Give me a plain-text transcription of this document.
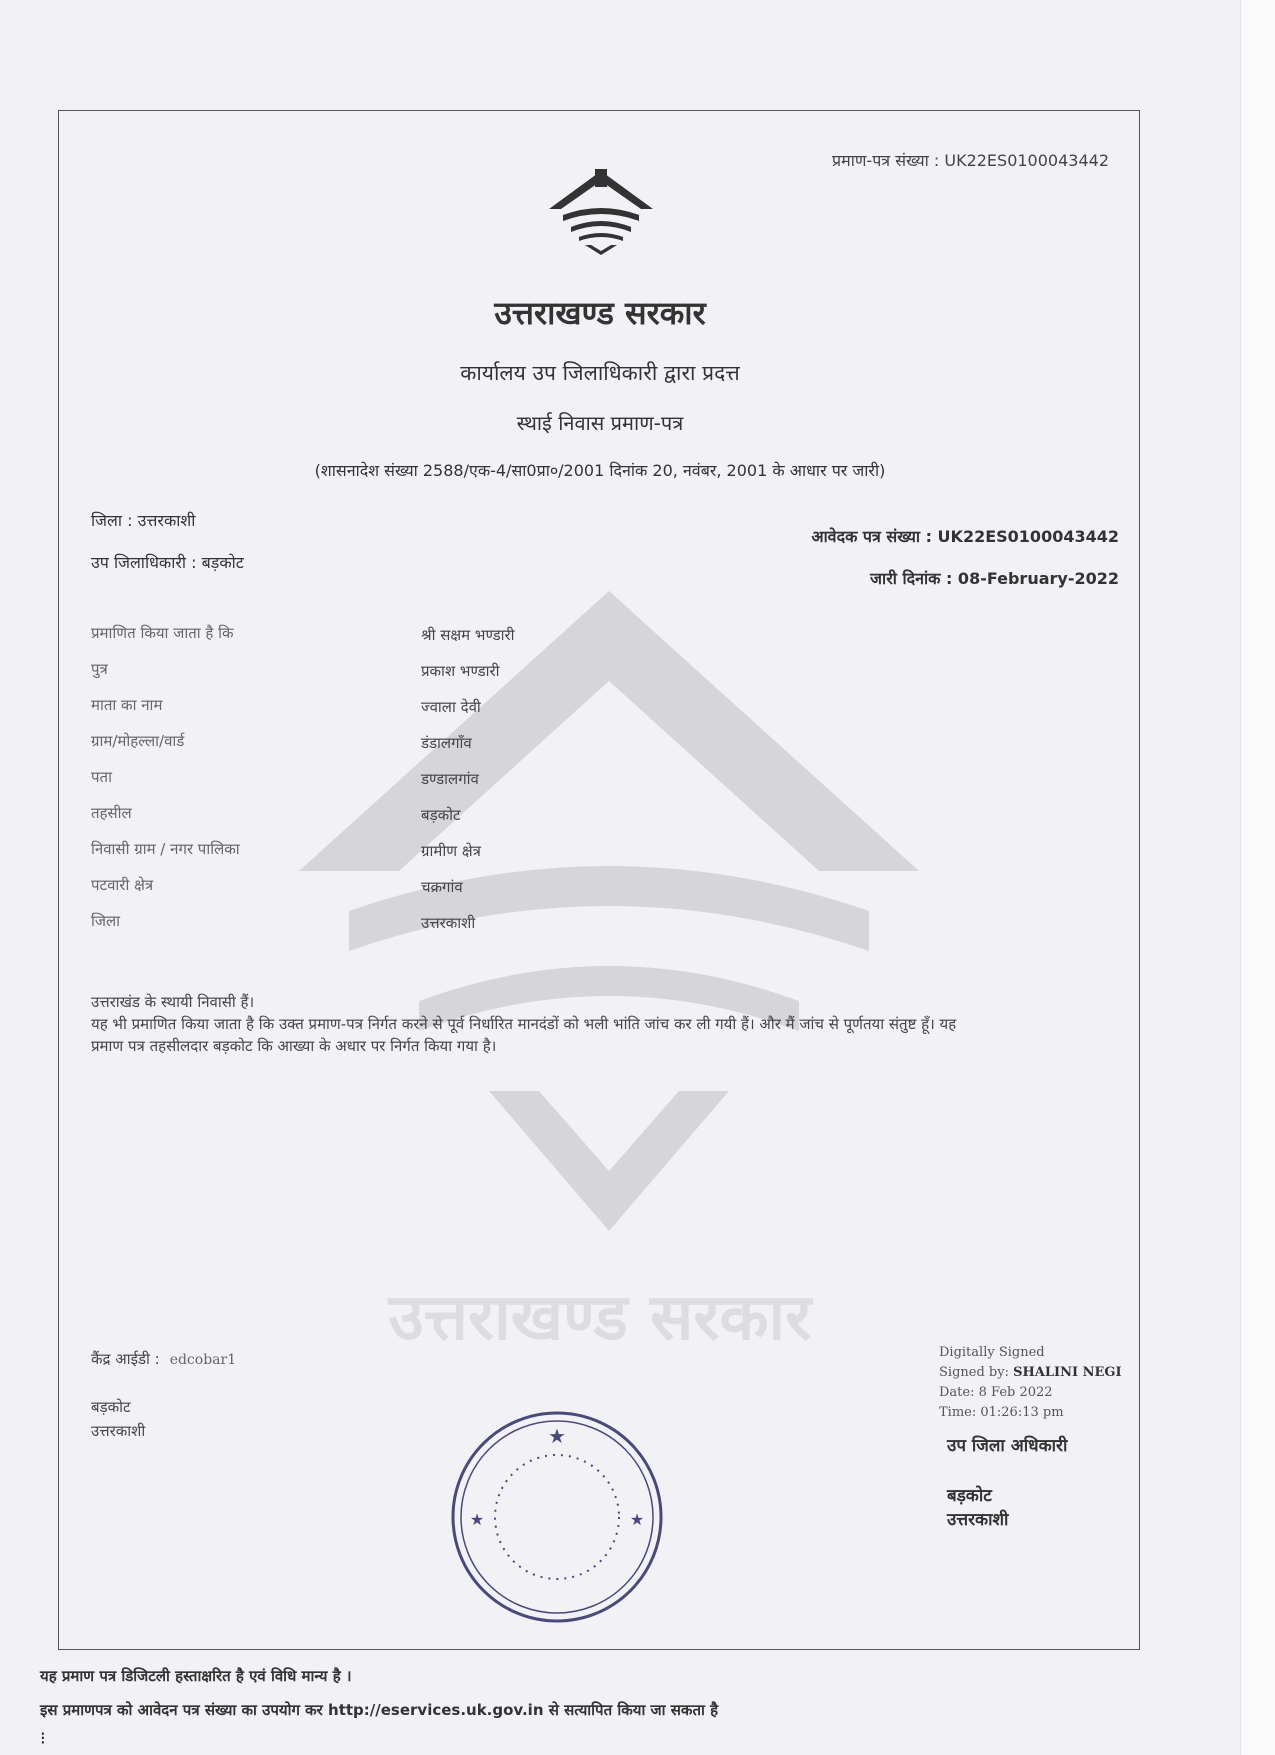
उत्तराखण्ड सरकार
प्रमाण-पत्र संख्या : UK22ES0100043442
उत्तराखण्ड सरकार
कार्यालय उप जिलाधिकारी द्वारा प्रदत्त
स्थाई निवास प्रमाण-पत्र
(शासनादेश संख्या 2588/एक-4/सा0प्रा०/2001 दिनांक 20, नवंबर, 2001 के आधार पर जारी)
जिला : उत्तरकाशी
उप जिलाधिकारी : बड़कोट
आवेदक पत्र संख्या : UK22ES0100043442
जारी दिनांक : 08-February-2022
प्रमाणित किया जाता है कि	श्री सक्षम भण्डारी
पुत्र	प्रकाश भण्डारी
माता का नाम	ज्वाला देवी
ग्राम/मोहल्ला/वार्ड	डंडालगाँव
पता	डण्डालगांव
तहसील	बड़कोट
निवासी ग्राम / नगर पालिका	ग्रामीण क्षेत्र
पटवारी क्षेत्र	चक्रगांव
जिला	उत्तरकाशी
उत्तराखंड के स्थायी निवासी हैं।
यह भी प्रमाणित किया जाता है कि उक्त प्रमाण-पत्र निर्गत करने से पूर्व निर्धारित मानदंडों को भली भांति जांच कर ली गयी हैं। और मैं जांच से पूर्णतया संतुष्ट हूँ। यह प्रमाण पत्र तहसीलदार बड़कोट कि आख्या के अधार पर निर्गत किया गया है।
कैंद्र आईडी : edcobar1
बड़कोट
उत्तरकाशी	★
★
★
Digitally Signed
Signed by: SHALINI NEGI
Date: 8 Feb 2022
Time: 01:26:13 pm
उप जिला अधिकारी
बड़कोट
उत्तरकाशी
यह प्रमाण पत्र डिजिटली हस्ताक्षरित है एवं विधि मान्य है ।
इस प्रमाणपत्र को आवेदन पत्र संख्या का उपयोग कर http://eservices.uk.gov.in से सत्यापित किया जा सकता है
⁝
